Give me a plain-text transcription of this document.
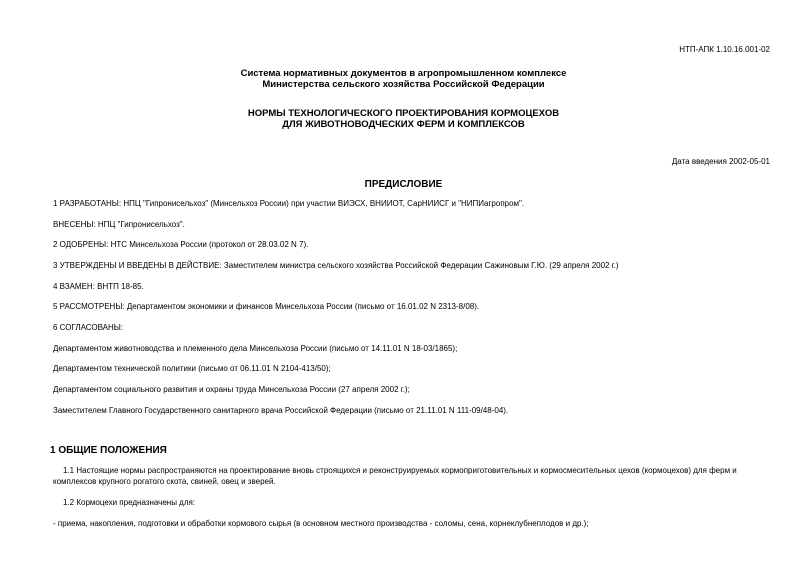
НТП-АПК 1.10.16.001-02
Система нормативных документов в агропромышленном комплексе
Министерства сельского хозяйства Российской Федерации
НОРМЫ ТЕХНОЛОГИЧЕСКОГО ПРОЕКТИРОВАНИЯ КОРМОЦЕХОВ
ДЛЯ ЖИВОТНОВОДЧЕСКИХ ФЕРМ И КОМПЛЕКСОВ
Дата введения 2002-05-01
ПРЕДИСЛОВИЕ
1 РАЗРАБОТАНЫ: НПЦ "Гипронисельхоз" (Минсельхоз России) при участии ВИЭСХ, ВНИИОТ, СарНИИСГ и "НИПИагропром".
ВНЕСЕНЫ: НПЦ "Гипронисельхоз".
2 ОДОБРЕНЫ: НТС Минсельхоза России (протокол от 28.03.02 N 7).
3 УТВЕРЖДЕНЫ И ВВЕДЕНЫ В ДЕЙСТВИЕ: Заместителем министра сельского хозяйства Российской Федерации Сажиновым Г.Ю. (29 апреля 2002 г.)
4 ВЗАМЕН: ВНТП 18-85.
5 РАССМОТРЕНЫ: Департаментом экономики и финансов Минсельхоза России (письмо от 16.01.02 N 2313-8/08).
6 СОГЛАСОВАНЫ:
Департаментом животноводства и племенного дела Минсельхоза России (письмо от 14.11.01 N 18-03/1865);
Департаментом технической политики (письмо от 06.11.01 N 2104-413/50);
Департаментом социального развития и охраны труда Минсельхоза России (27 апреля 2002 г.);
Заместителем Главного Государственного санитарного врача Российской Федерации (письмо от 21.11.01 N 111-09/48-04).
1 ОБЩИЕ ПОЛОЖЕНИЯ
1.1 Настоящие нормы распространяются на проектирование вновь строящихся и реконструируемых кормоприготовительных и кормосмесительных цехов (кормоцехов) для ферм и комплексов крупного рогатого скота, свиней, овец и зверей.
1.2 Кормоцехи предназначены для:
- приема, накопления, подготовки и обработки кормового сырья (в основном местного производства - соломы, сена, корнеклубнеплодов и др.);
